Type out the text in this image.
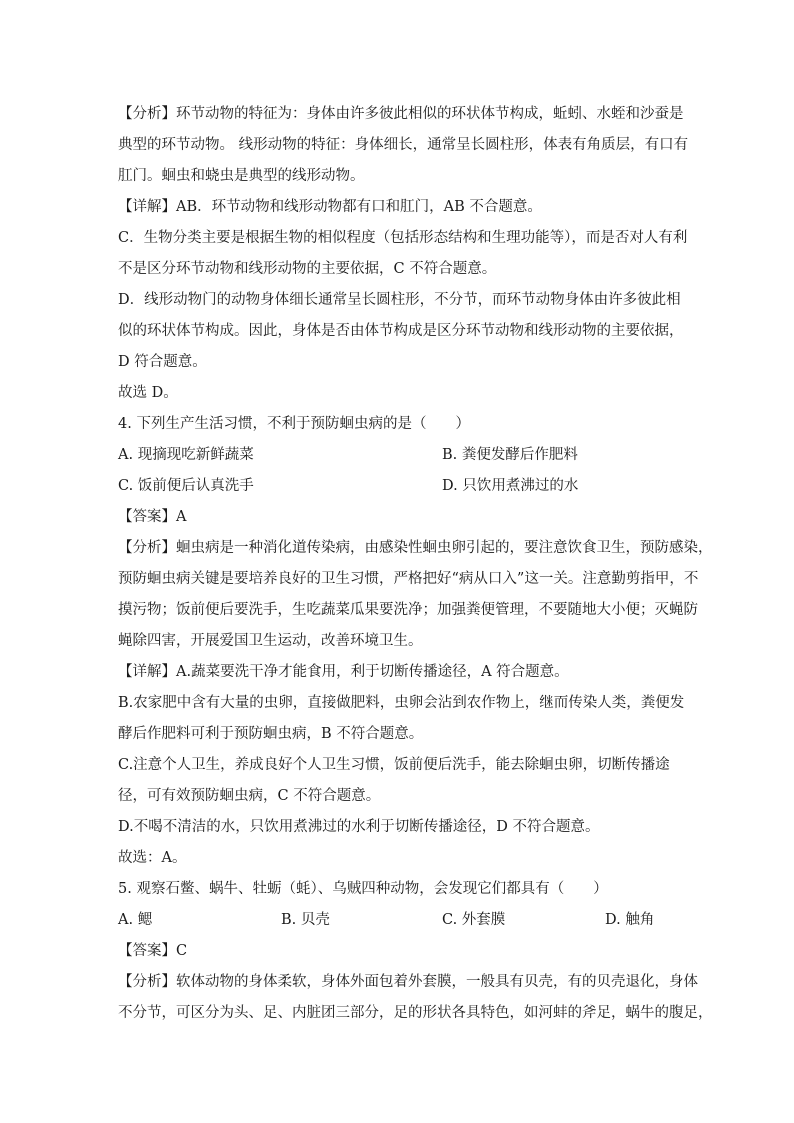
【分析】环节动物的特征为：身体由许多彼此相似的环状体节构成，蚯蚓、水蛭和沙蚕是
典型的环节动物。 线形动物的特征：身体细长，通常呈长圆柱形，体表有角质层，有口有
肛门。蛔虫和蛲虫是典型的线形动物。
【详解】AB．环节动物和线形动物都有口和肛门，AB 不合题意。
C．生物分类主要是根据生物的相似程度（包括形态结构和生理功能等），而是否对人有利
不是区分环节动物和线形动物的主要依据，C 不符合题意。
D．线形动物门的动物身体细长通常呈长圆柱形，不分节，而环节动物身体由许多彼此相
似的环状体节构成。因此，身体是否由体节构成是区分环节动物和线形动物的主要依据，
D 符合题意。
故选 D。
4. 下列生产生活习惯，不利于预防蛔虫病的是（　　）
A. 现摘现吃新鲜蔬菜	B. 粪便发酵后作肥料
C. 饭前便后认真洗手	D. 只饮用煮沸过的水
【答案】A
【分析】蛔虫病是一种消化道传染病，由感染性蛔虫卵引起的，要注意饮食卫生，预防感染，
预防蛔虫病关键是要培养良好的卫生习惯，严格把好“病从口入”这一关。注意勤剪指甲，不
摸污物；饭前便后要洗手，生吃蔬菜瓜果要洗净；加强粪便管理，不要随地大小便；灭蝇防
蝇除四害，开展爱国卫生运动，改善环境卫生。
【详解】A.蔬菜要洗干净才能食用，利于切断传播途径，A 符合题意。
B.农家肥中含有大量的虫卵，直接做肥料，虫卵会沾到农作物上，继而传染人类，粪便发
酵后作肥料可利于预防蛔虫病，B 不符合题意。
C.注意个人卫生，养成良好个人卫生习惯，饭前便后洗手，能去除蛔虫卵，切断传播途
径，可有效预防蛔虫病，C 不符合题意。
D.不喝不清洁的水，只饮用煮沸过的水利于切断传播途径，D 不符合题意。
故选：A。
5. 观察石鳖、蜗牛、牡蛎（蚝）、乌贼四种动物，会发现它们都具有（　　）
A. 鳃	B. 贝壳	C. 外套膜	D. 触角
【答案】C
【分析】软体动物的身体柔软，身体外面包着外套膜，一般具有贝壳，有的贝壳退化，身体
不分节，可区分为头、足、内脏团三部分，足的形状各具特色，如河蚌的斧足，蜗牛的腹足，
